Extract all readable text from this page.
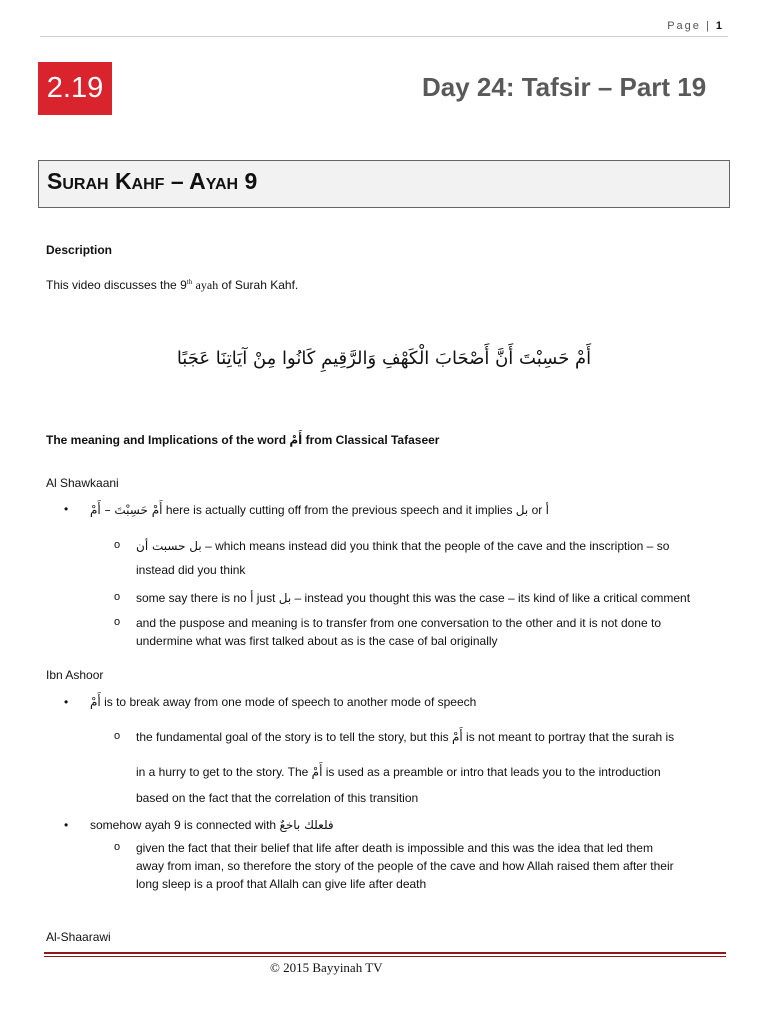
Page | 1
2.19	Day 24: Tafsir – Part 19
Surah Kahf – Ayah 9
Description
This video discusses the 9th ayah of Surah Kahf.
أَمْ حَسِبْتَ أَنَّ أَصْحَابَ الْكَهْفِ وَالرَّقِيمِ كَانُوا مِنْ آيَاتِنَا عَجَبًا
The meaning and Implications of the word أَمْ from Classical Tafaseer
Al Shawkaani
• أَمْ حَسِبْتَ – أَمْ here is actually cutting off from the previous speech and it implies بل or أ
o بل حسبت أن – which means instead did you think that the people of the cave and the inscription – so
instead did you think
o some say there is no أ just بل – instead you thought this was the case – its kind of like a critical comment
o and the puspose and meaning is to transfer from one conversation to the other and it is not done to
undermine what was first talked about as is the case of bal originally
Ibn Ashoor
• أَمْ is to break away from one mode of speech to another mode of speech
o the fundamental goal of the story is to tell the story, but this أَمْ is not meant to portray that the surah is
in a hurry to get to the story. The أَمْ is used as a preamble or intro that leads you to the introduction
based on the fact that the correlation of this transition
• somehow ayah 9 is connected with فلعلك باخعٌ
o given the fact that their belief that life after death is impossible and this was the idea that led them
away from iman, so therefore the story of the people of the cave and how Allah raised them after their
long sleep is a proof that Allalh can give life after death
Al-Shaarawi
© 2015 Bayyinah TV
